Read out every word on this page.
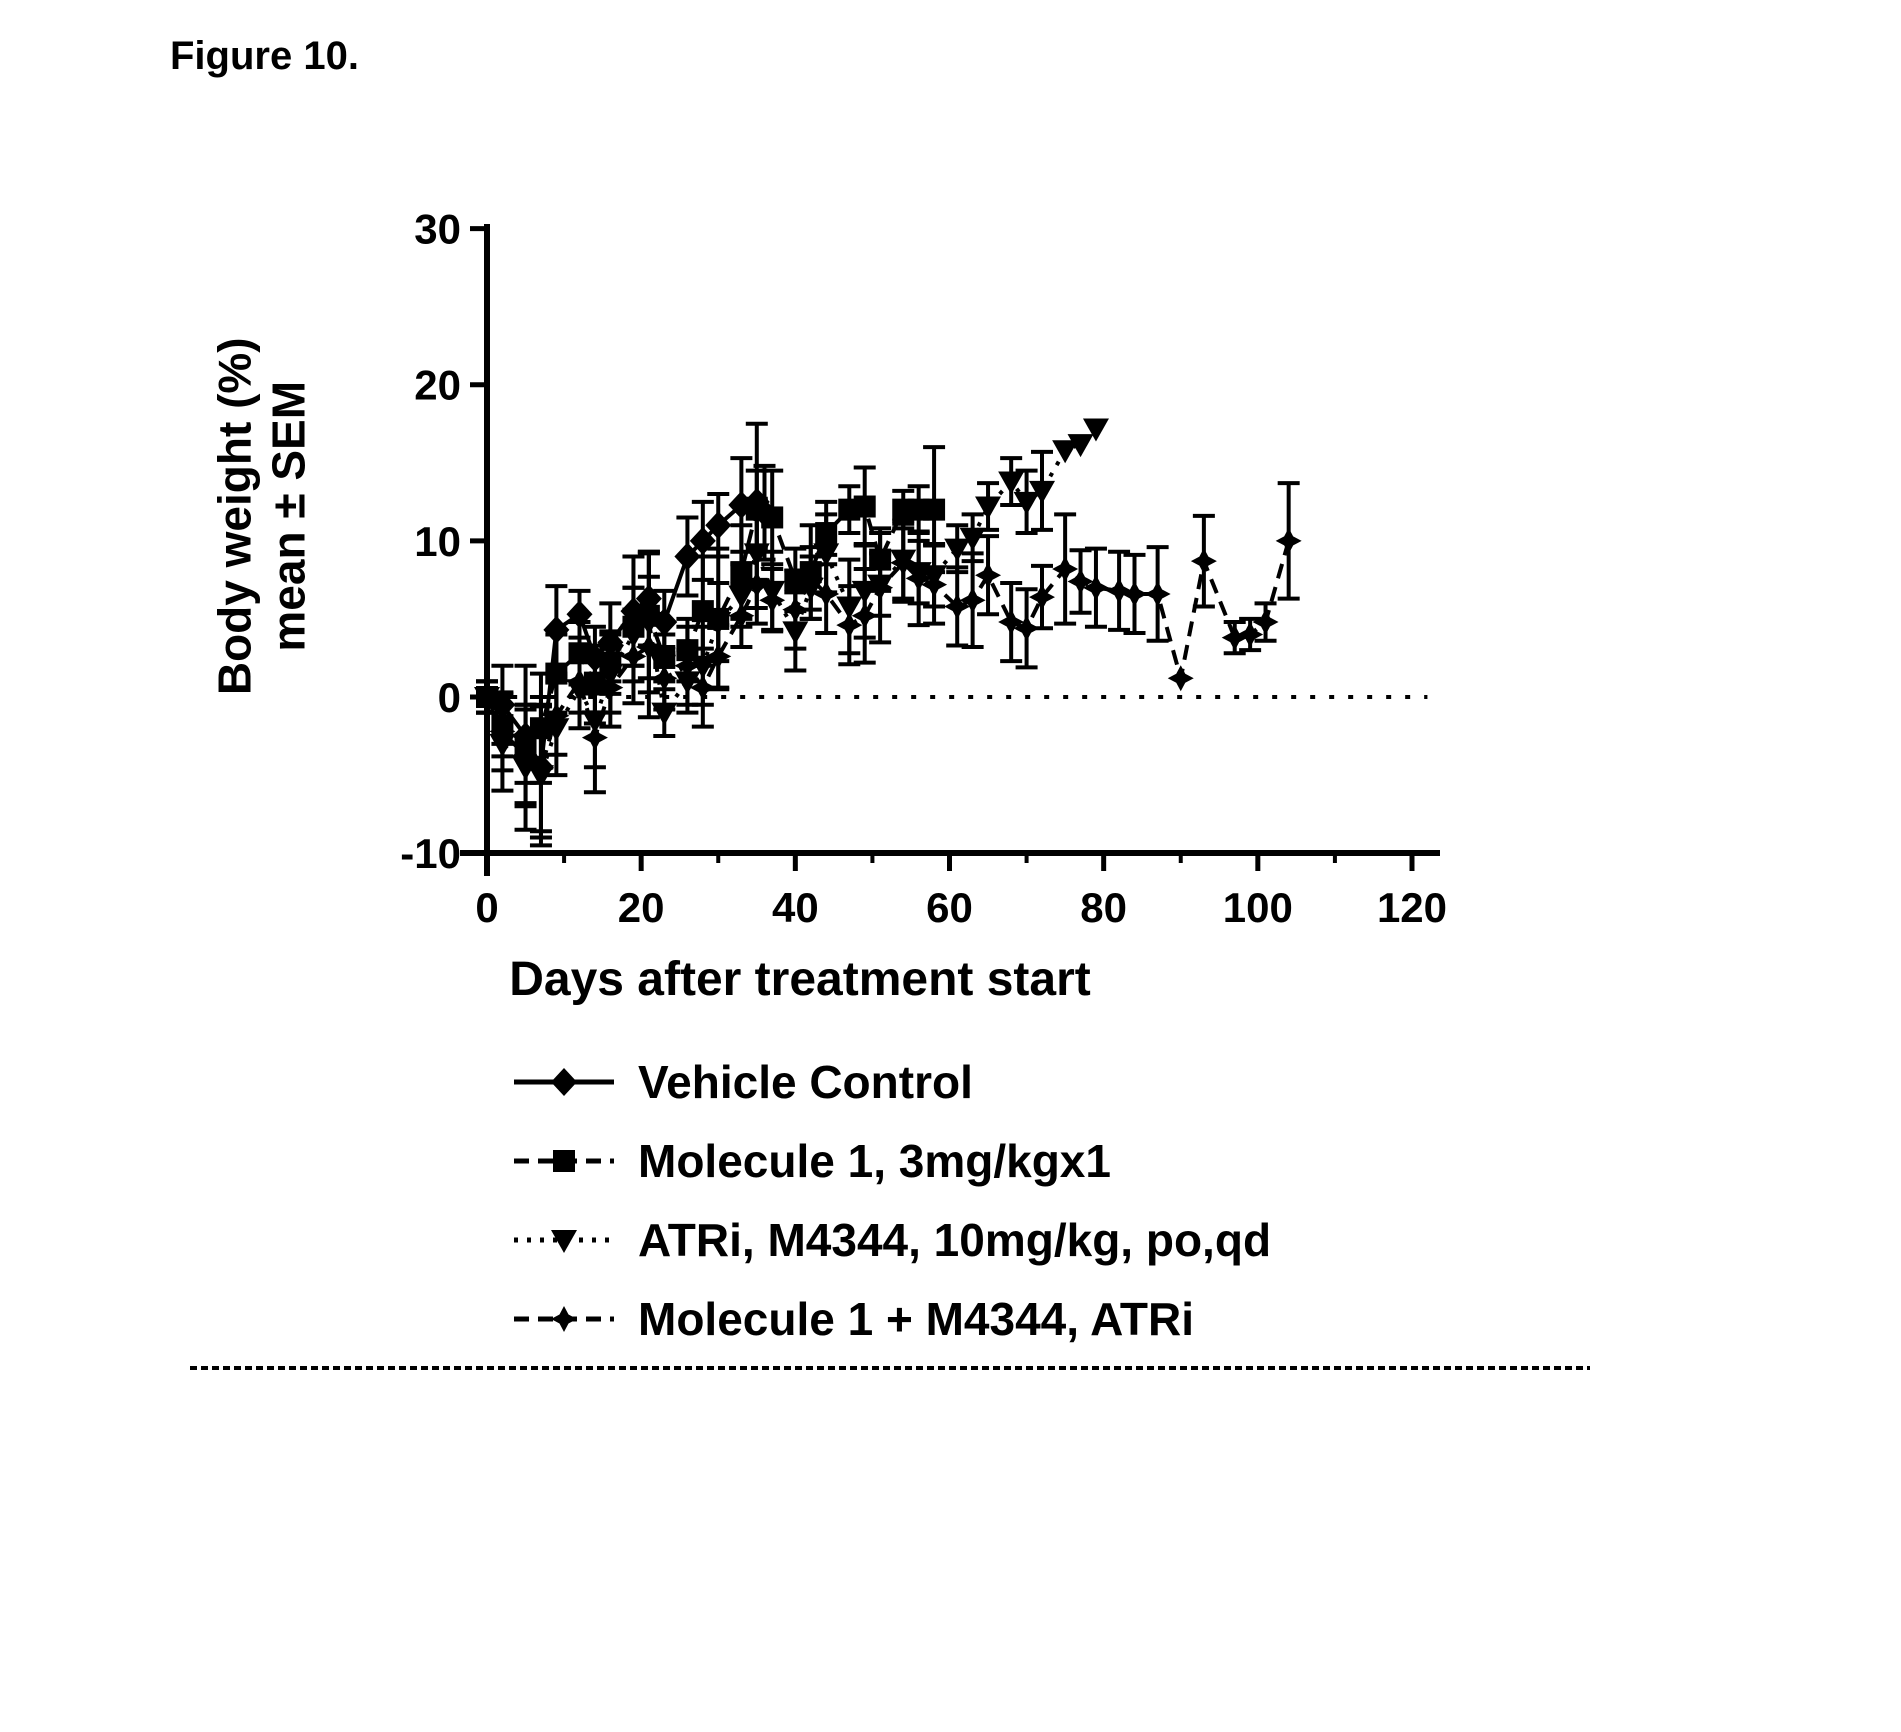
Figure 10.
30
20
10
0
-10
0	20	40	60	80 100 120
Body weight (%) mean ± SEM
Days after treatment start
Vehicle Control
Molecule 1, 3mg/kgx1
ATRi, M4344, 10mg/kg, po,qd
Molecule 1 + M4344, ATRi
